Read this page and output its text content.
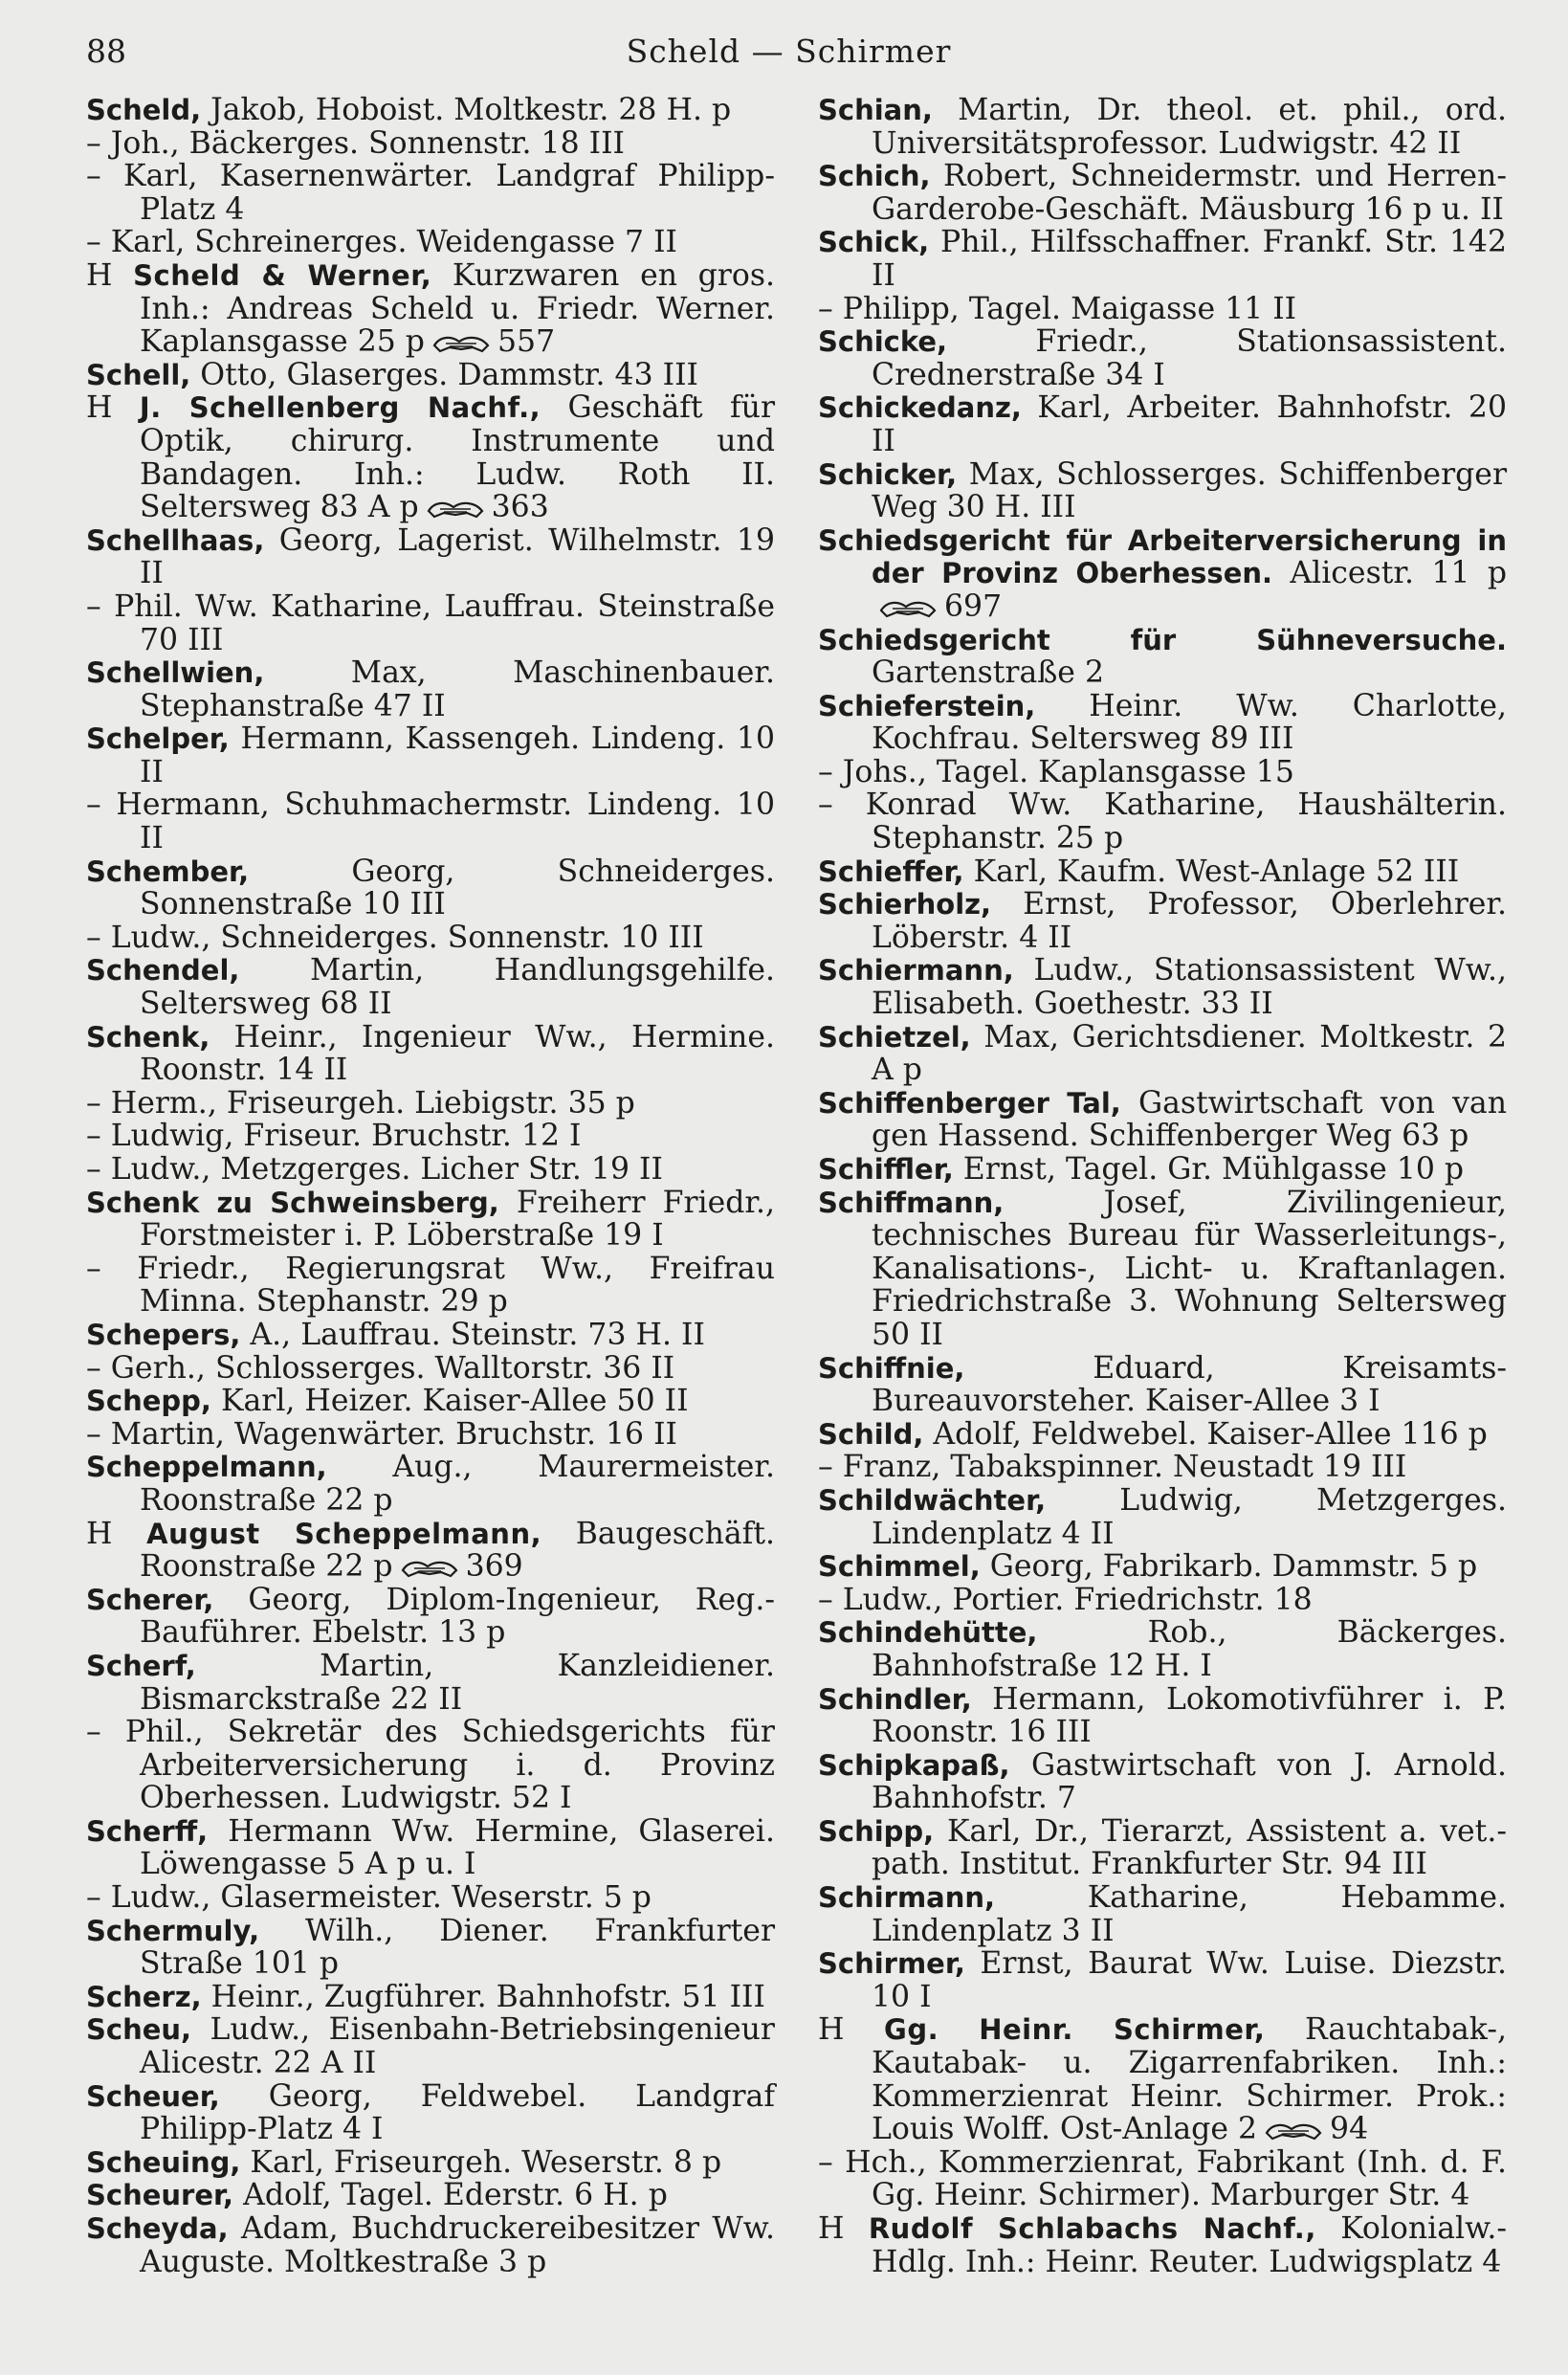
88	Scheld — Schirmer

Scheld, Jakob, Hoboist. Moltkestr. 28 H. p

– Joh., Bäckerges. Sonnenstr. 18 III

– Karl, Kasernenwärter. Landgraf Philipp-Platz 4

– Karl, Schreinerges. Weidengasse 7 II

H Scheld & Werner, Kurzwaren en gros. Inh.: Andreas Scheld u. Friedr. Werner. Kaplansgasse 25 p 557

Schell, Otto, Glaserges. Dammstr. 43 III

H J. Schellenberg Nachf., Geschäft für Optik, chirurg. Instrumente und Bandagen. Inh.: Ludw. Roth II. Seltersweg 83 A p 363

Schellhaas, Georg, Lagerist. Wilhelmstr. 19 II

– Phil. Ww. Katharine, Lauffrau. Steinstraße 70 III

Schellwien, Max, Maschinenbauer. Stephanstraße 47 II

Schelper, Hermann, Kassengeh. Lindeng. 10 II

– Hermann, Schuhmachermstr. Lindeng. 10 II

Schember, Georg, Schneiderges. Sonnenstraße 10 III

– Ludw., Schneiderges. Sonnenstr. 10 III

Schendel, Martin, Handlungsgehilfe. Seltersweg 68 II

Schenk, Heinr., Ingenieur Ww., Hermine. Roonstr. 14 II

– Herm., Friseurgeh. Liebigstr. 35 p

– Ludwig, Friseur. Bruchstr. 12 I

– Ludw., Metzgerges. Licher Str. 19 II

Schenk zu Schweinsberg, Freiherr Friedr., Forstmeister i. P. Löberstraße 19 I

– Friedr., Regierungsrat Ww., Freifrau Minna. Stephanstr. 29 p

Schepers, A., Lauffrau. Steinstr. 73 H. II

– Gerh., Schlosserges. Walltorstr. 36 II

Schepp, Karl, Heizer. Kaiser-Allee 50 II

– Martin, Wagenwärter. Bruchstr. 16 II

Scheppelmann, Aug., Maurermeister. Roonstraße 22 p

H August Scheppelmann, Baugeschäft. Roonstraße 22 p 369

Scherer, Georg, Diplom-Ingenieur, Reg.-Bauführer. Ebelstr. 13 p

Scherf, Martin, Kanzleidiener. Bismarckstraße 22 II

– Phil., Sekretär des Schiedsgerichts für Arbeiterversicherung i. d. Provinz Oberhessen. Ludwigstr. 52 I

Scherff, Hermann Ww. Hermine, Glaserei. Löwengasse 5 A p u. I

– Ludw., Glasermeister. Weserstr. 5 p

Schermuly, Wilh., Diener. Frankfurter Straße 101 p

Scherz, Heinr., Zugführer. Bahnhofstr. 51 III

Scheu, Ludw., Eisenbahn-Betriebsingenieur Alicestr. 22 A II

Scheuer, Georg, Feldwebel. Landgraf Philipp-Platz 4 I

Scheuing, Karl, Friseurgeh. Weserstr. 8 p

Scheurer, Adolf, Tagel. Ederstr. 6 H. p

Scheyda, Adam, Buchdruckereibesitzer Ww. Auguste. Moltkestraße 3 p

Schian, Martin, Dr. theol. et. phil., ord. Universitätsprofessor. Ludwigstr. 42 II

Schich, Robert, Schneidermstr. und Herren-Garderobe-Geschäft. Mäusburg 16 p u. II

Schick, Phil., Hilfsschaffner. Frankf. Str. 142 II

– Philipp, Tagel. Maigasse 11 II

Schicke, Friedr., Stationsassistent. Crednerstraße 34 I

Schickedanz, Karl, Arbeiter. Bahnhofstr. 20 II

Schicker, Max, Schlosserges. Schiffenberger Weg 30 H. III

Schiedsgericht für Arbeiterversicherung in der Provinz Oberhessen. Alicestr. 11 p697

Schiedsgericht für Sühneversuche. Gartenstraße 2

Schieferstein, Heinr. Ww. Charlotte, Kochfrau. Seltersweg 89 III

– Johs., Tagel. Kaplansgasse 15

– Konrad Ww. Katharine, Haushälterin. Stephanstr. 25 p

Schieffer, Karl, Kaufm. West-Anlage 52 III

Schierholz, Ernst, Professor, Oberlehrer. Löberstr. 4 II

Schiermann, Ludw., Stationsassistent Ww., Elisabeth. Goethestr. 33 II

Schietzel, Max, Gerichtsdiener. Moltkestr. 2 A p

Schiffenberger Tal, Gastwirtschaft von van gen Hassend. Schiffenberger Weg 63 p

Schiffler, Ernst, Tagel. Gr. Mühlgasse 10 p

Schiffmann, Josef, Zivilingenieur, technisches Bureau für Wasserleitungs-, Kanalisations-, Licht- u. Kraftanlagen. Friedrichstraße 3. Wohnung Seltersweg 50 II

Schiffnie, Eduard, Kreisamts-Bureauvorsteher. Kaiser-Allee 3 I

Schild, Adolf, Feldwebel. Kaiser-Allee 116 p

– Franz, Tabakspinner. Neustadt 19 III

Schildwächter, Ludwig, Metzgerges. Lindenplatz 4 II

Schimmel, Georg, Fabrikarb. Dammstr. 5 p

– Ludw., Portier. Friedrichstr. 18

Schindehütte, Rob., Bäckerges. Bahnhofstraße 12 H. I

Schindler, Hermann, Lokomotivführer i. P. Roonstr. 16 III

Schipkapaß, Gastwirtschaft von J. Arnold. Bahnhofstr. 7

Schipp, Karl, Dr., Tierarzt, Assistent a. vet.-path. Institut. Frankfurter Str. 94 III

Schirmann, Katharine, Hebamme. Lindenplatz 3 II

Schirmer, Ernst, Baurat Ww. Luise. Diezstr. 10 I

H Gg. Heinr. Schirmer, Rauchtabak-, Kautabak- u. Zigarrenfabriken. Inh.: Kommerzienrat Heinr. Schirmer. Prok.: Louis Wolff. Ost-Anlage 2 94

– Hch., Kommerzienrat, Fabrikant (Inh. d. F. Gg. Heinr. Schirmer). Marburger Str. 4

H Rudolf Schlabachs Nachf., Kolonialw.-Hdlg. Inh.: Heinr. Reuter. Ludwigsplatz 4
